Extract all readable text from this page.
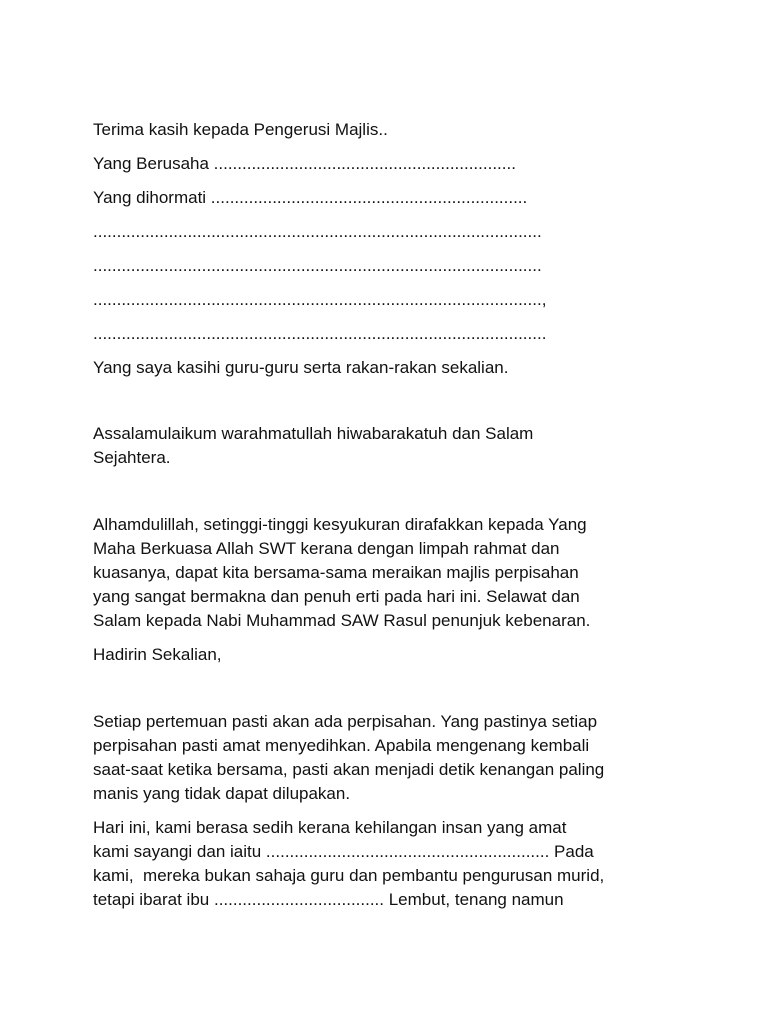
Terima kasih kepada Pengerusi Majlis..

Yang Berusaha ................................................................

Yang dihormati ...................................................................

...............................................................................................

...............................................................................................

...............................................................................................,

................................................................................................

Yang saya kasihi guru-guru serta rakan-rakan sekalian.

Assalamulaikum warahmatullah hiwabarakatuh dan Salam
Sejahtera.
Alhamdulillah, setinggi-tinggi kesyukuran dirafakkan kepada Yang
Maha Berkuasa Allah SWT kerana dengan limpah rahmat dan
kuasanya, dapat kita bersama-sama meraikan majlis perpisahan
yang sangat bermakna dan penuh erti pada hari ini. Selawat dan
Salam kepada Nabi Muhammad SAW Rasul penunjuk kebenaran.

Hadirin Sekalian,

Setiap pertemuan pasti akan ada perpisahan. Yang pastinya setiap
perpisahan pasti amat menyedihkan. Apabila mengenang kembali
saat-saat ketika bersama, pasti akan menjadi detik kenangan paling
manis yang tidak dapat dilupakan.
Hari ini, kami berasa sedih kerana kehilangan insan yang amat
kami sayangi dan iaitu ............................................................ Pada
kami,  mereka bukan sahaja guru dan pembantu pengurusan murid,
tetapi ibarat ibu .................................... Lembut, tenang namun
